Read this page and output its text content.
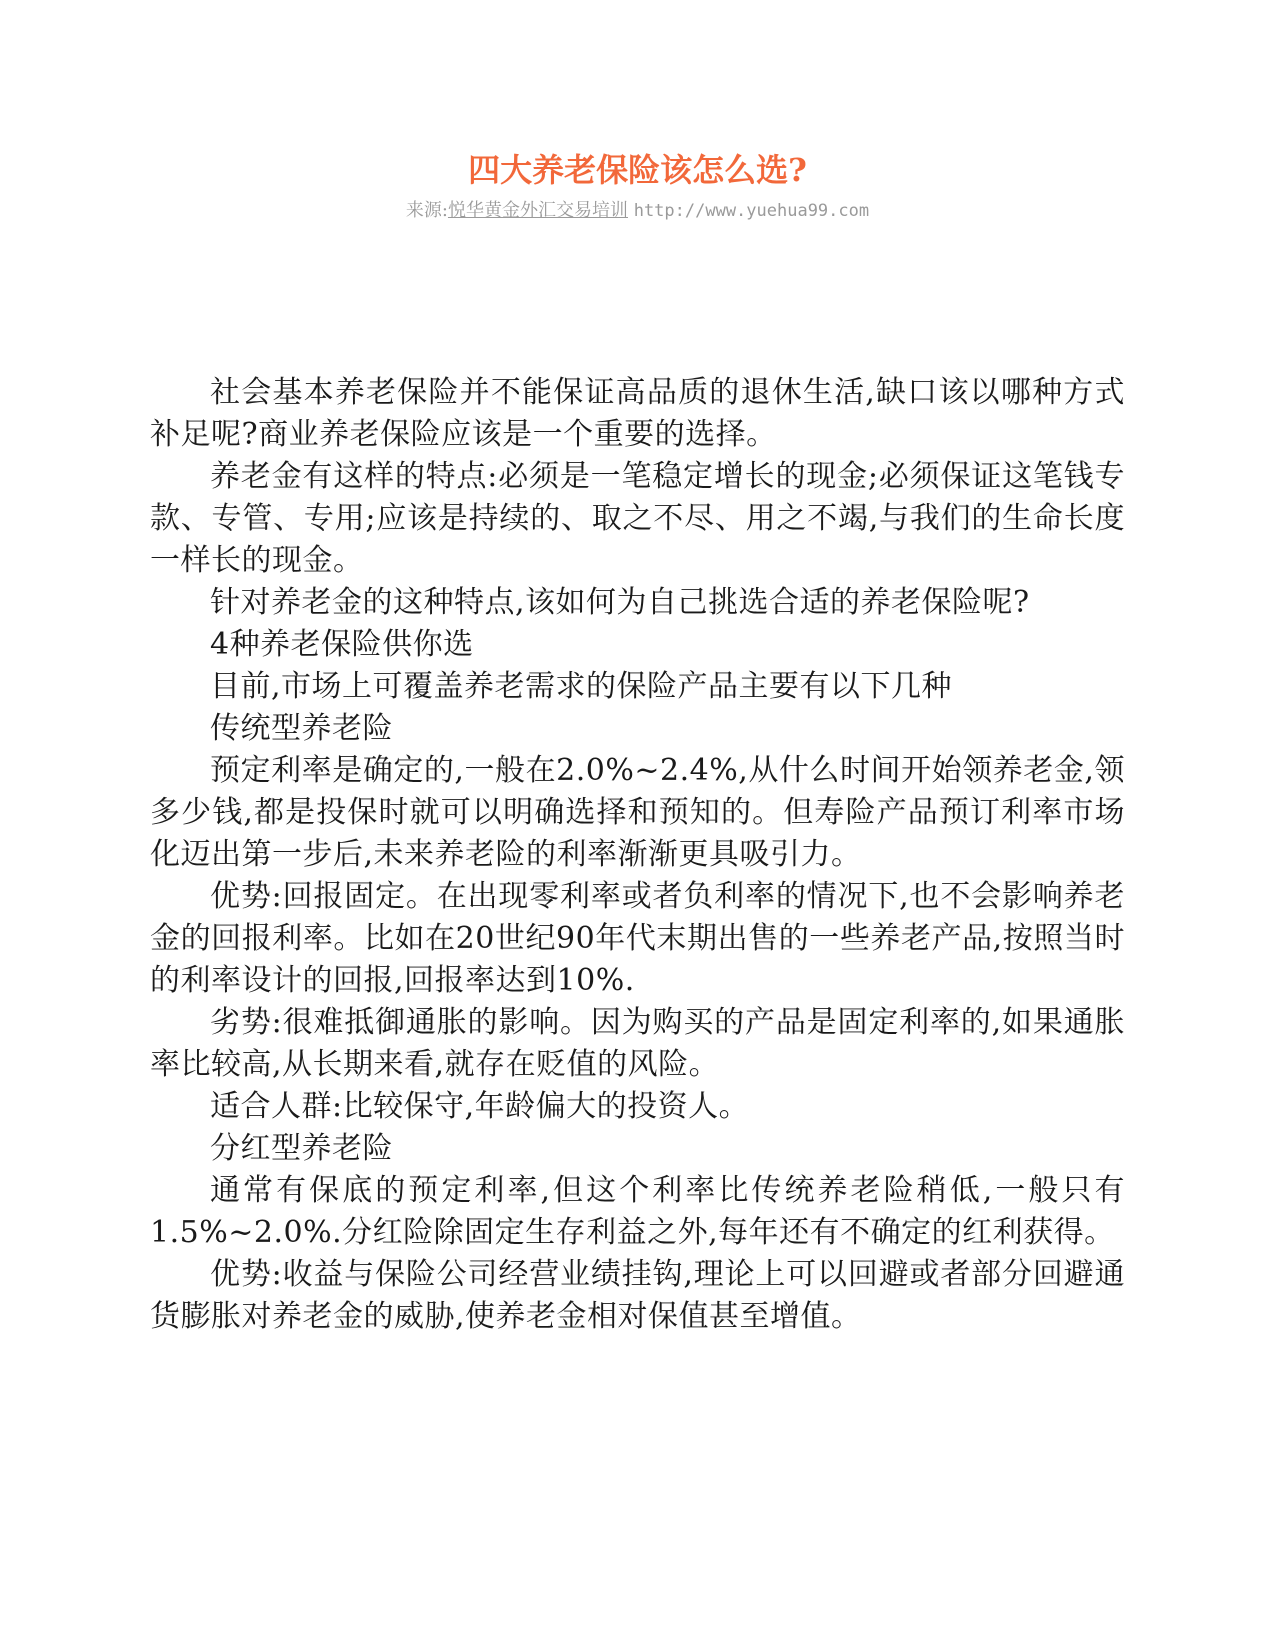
四大养老保险该怎么选?
来源:悦华黄金外汇交易培训 http://www.yuehua99.com

社会基本养老保险并不能保证高品质的退休生活,缺口该以哪种方式补足呢?商业养老保险应该是一个重要的选择。

养老金有这样的特点:必须是一笔稳定增长的现金;必须保证这笔钱专款、专管、专用;应该是持续的、取之不尽、用之不竭,与我们的生命长度一样长的现金。

针对养老金的这种特点,该如何为自己挑选合适的养老保险呢?

4种养老保险供你选

目前,市场上可覆盖养老需求的保险产品主要有以下几种

传统型养老险

预定利率是确定的,一般在2.0%~2.4%,从什么时间开始领养老金,领多少钱,都是投保时就可以明确选择和预知的。但寿险产品预订利率市场化迈出第一步后,未来养老险的利率渐渐更具吸引力。

优势:回报固定。在出现零利率或者负利率的情况下,也不会影响养老金的回报利率。比如在20世纪90年代末期出售的一些养老产品,按照当时的利率设计的回报,回报率达到10%.

劣势:很难抵御通胀的影响。因为购买的产品是固定利率的,如果通胀率比较高,从长期来看,就存在贬值的风险。

适合人群:比较保守,年龄偏大的投资人。

分红型养老险

通常有保底的预定利率,但这个利率比传统养老险稍低,一般只有1.5%~2.0%.分红险除固定生存利益之外,每年还有不确定的红利获得。

优势:收益与保险公司经营业绩挂钩,理论上可以回避或者部分回避通货膨胀对养老金的威胁,使养老金相对保值甚至增值。
